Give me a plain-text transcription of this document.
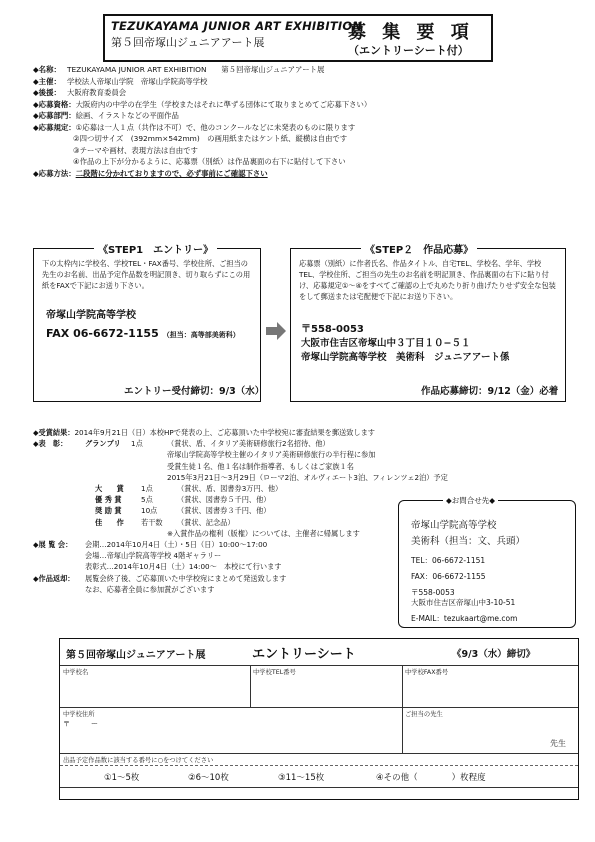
TEZUKAYAMA JUNIOR ART EXHIBITION
第５回帝塚山ジュニアアート展	募 集 要 項
（エントリーシート付）
◆名称： TEZUKAYAMA JUNIOR ART EXHIBITION　　第５回帝塚山ジュニアアート展
◆主催： 学校法人帝塚山学院　帝塚山学院高等学校
◆後援： 大阪府教育委員会
◆応募資格： 大阪府内の中学の在学生（学校またはそれに準ずる団体にて取りまとめてご応募下さい）
◆応募部門： 絵画、イラストなどの平面作品
◆応募規定： ①応募は一人１点（共作は不可）で、他のコンクールなどに未発表のものに限ります
②四つ切サイズ　(392mm×542mm)　の画用紙またはケント紙、縦横は自由です
③テーマや画材、表現方法は自由です
④作品の上下が分かるように、応募票（別紙）は作品裏面の右下に貼付して下さい
◆応募方法： 二段階に分かれておりますので、必ず事前にご確認下さい
《STEP1　エントリー》
下の太枠内に学校名、学校TEL・FAX番号、学校住所、ご担当の先生のお名前、出品予定作品数を明記頂き、切り取らずにこの用紙をFAXで下記にお送り下さい。
帝塚山学院高等学校
FAX 06-6672-1155 （担当：高等部美術科）
エントリー受付締切：9/3（水）
《STEP２　作品応募》
応募票（別紙）に作者氏名、作品タイトル、自宅TEL、学校名、学年、学校TEL、学校住所、ご担当の先生のお名前を明記頂き、作品裏面の右下に貼り付け、応募規定①〜④をすべてご確認の上で丸めたり折り曲げたりせず安全な包装をして郵送または宅配便で下記にお送り下さい。
〒558-0053
大阪市住吉区帝塚山中３丁目１０−５１
帝塚山学院高等学校　美術科　ジュニアアート係
作品応募締切：9/12（金）必着
◆受賞結果： 2014年9月21日（日）本校HPで発表の上、ご応募頂いた中学校宛に審査結果を郵送致します
◆表　彰：	グランプリ	1点	（賞状、盾、イタリア美術研修旅行2名招待、他）
帝塚山学院高等学校主催のイタリア美術研修旅行の半行程に参加
受賞生徒１名、他１名は制作指導者、もしくはご家族１名
2015年3月21日〜3月29日（ローマ2泊、オルヴィエート3泊、フィレンツェ2泊）予定
大　　賞	1点	（賞状、盾、図書券3万円、他）
優 秀 賞	5点	（賞状、図書券５千円、他）
奨 励 賞	10点	（賞状、図書券３千円、他）
佳　　作	若干数	（賞状、記念品）
※入賞作品の権利（版権）については、主催者に帰属します
◆展 覧 会：	会期…2014年10月4日（土）・5日（日）10:00〜17:00
会場…帝塚山学院高等学校 4階ギャラリー
表彰式…2014年10月4日（土）14:00〜　本校にて行います
◆作品返却：	展覧会終了後、ご応募頂いた中学校宛にまとめて発送致します
なお、応募者全員に参加賞がございます
◆お問合せ先◆
帝塚山学院高等学校
美術科（担当：文、兵頭）
TEL：06-6672-1151
FAX：06-6672-1155
〒558-0053
大阪市住吉区帝塚山中3-10-51
E-MAIL：tezukaart@me.com
第５回帝塚山ジュニアアート展	エントリーシート	《9/3（水）締切》
中学校名	中学校TEL番号	中学校FAX番号
中学校住所
〒　　　ー
ご担当の先生
先生
出品予定作品数に該当する番号に○をつけてください
①1〜5枚	②6〜10枚	③11〜15枚	④その他（　　　　）枚程度
